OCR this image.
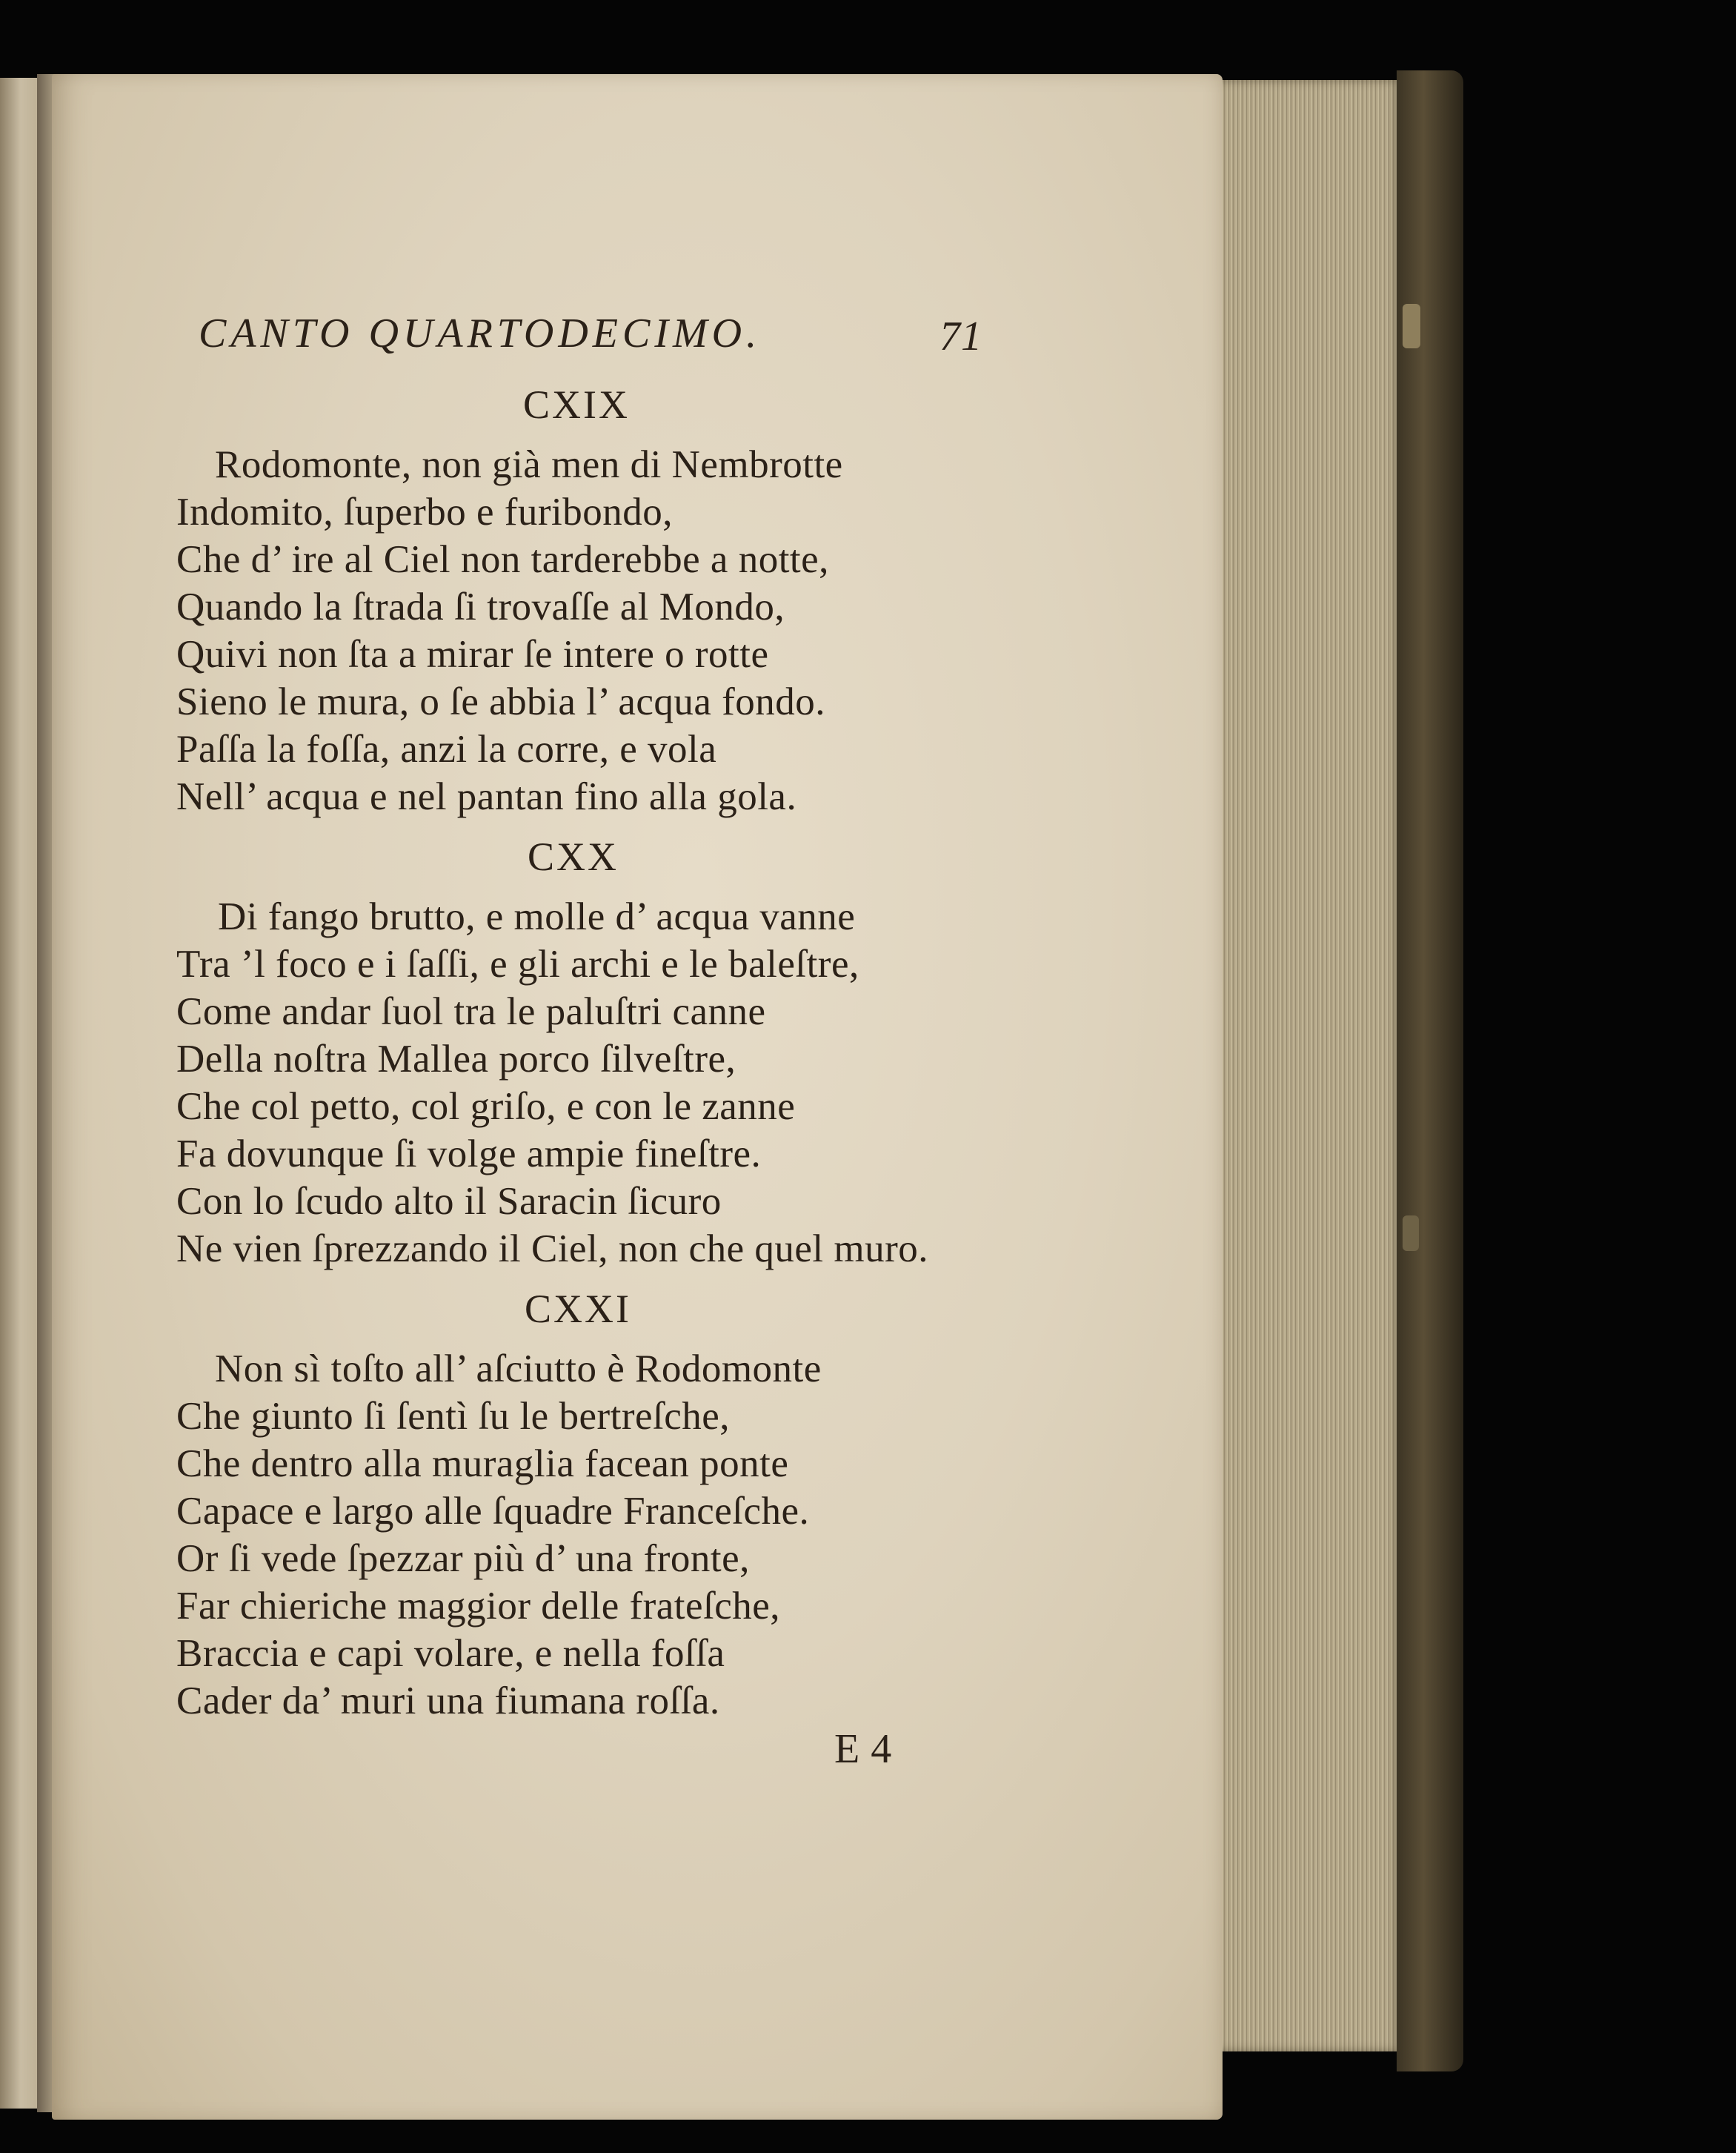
CANTO QUARTODECIMO.	71

CXIX

Rodomonte, non già men di Nembrotte

Indomito, ſuperbo e furibondo,

Che d’ ire al Ciel non tarderebbe a notte,

Quando la ſtrada ſi trovaſſe al Mondo,

Quivi non ſta a mirar ſe intere o rotte

Sieno le mura, o ſe abbia l’ acqua fondo.

Paſſa la foſſa, anzi la corre, e vola

Nell’ acqua e nel pantan fino alla gola.

CXX

Di fango brutto, e molle d’ acqua vanne

Tra ’l foco e i ſaſſi, e gli archi e le baleſtre,

Come andar ſuol tra le paluſtri canne

Della noſtra Mallea porco ſilveſtre,

Che col petto, col griſo, e con le zanne

Fa dovunque ſi volge ampie fineſtre.

Con lo ſcudo alto il Saracin ſicuro

Ne vien ſprezzando il Ciel, non che quel muro.

CXXI

Non sì toſto all’ aſciutto è Rodomonte

Che giunto ſi ſentì ſu le bertreſche,

Che dentro alla muraglia facean ponte

Capace e largo alle ſquadre Franceſche.

Or ſi vede ſpezzar più d’ una fronte,

Far chieriche maggior delle frateſche,

Braccia e capi volare, e nella foſſa

Cader da’ muri una fiumana roſſa.

E 4
